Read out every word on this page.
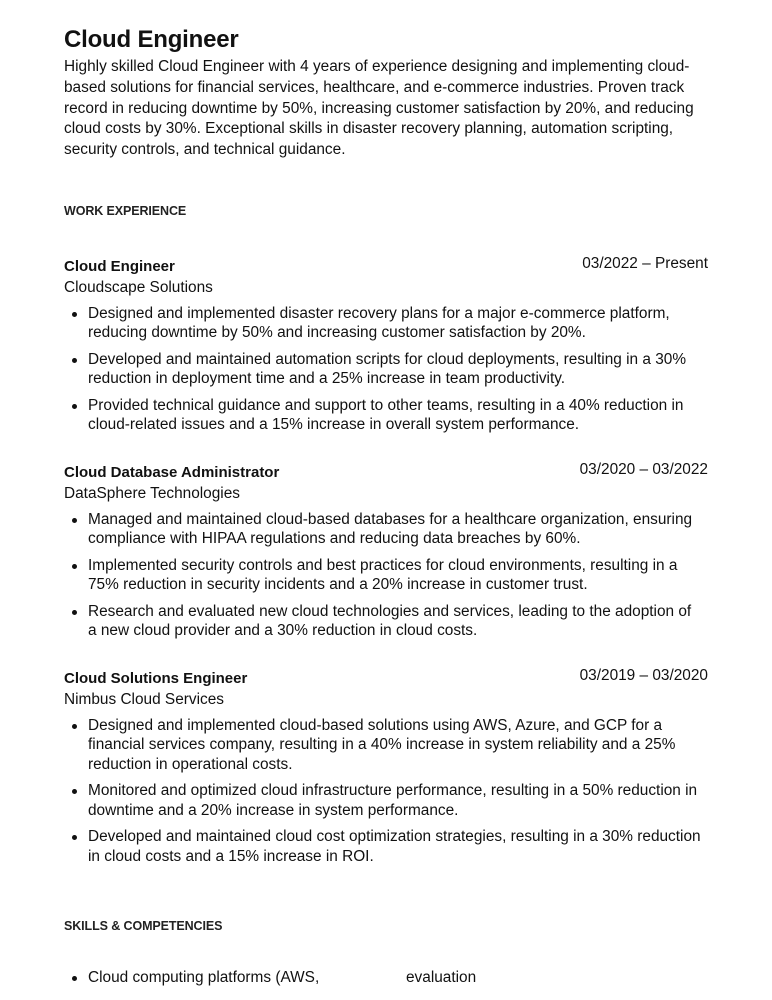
Cloud Engineer

Highly skilled Cloud Engineer with 4 years of experience designing and implementing cloud-based solutions for financial services, healthcare, and e-commerce industries. Proven track record in reducing downtime by 50%, increasing customer satisfaction by 20%, and reducing cloud costs by 30%. Exceptional skills in disaster recovery planning, automation scripting, security controls, and technical guidance.

WORK EXPERIENCE
Cloud Engineer	03/2022 – Present
Cloudscape Solutions
Designed and implemented disaster recovery plans for a major e-commerce platform, reducing downtime by 50% and increasing customer satisfaction by 20%.
Developed and maintained automation scripts for cloud deployments, resulting in a 30% reduction in deployment time and a 25% increase in team productivity.
Provided technical guidance and support to other teams, resulting in a 40% reduction in cloud-related issues and a 15% increase in overall system performance.
Cloud Database Administrator	03/2020 – 03/2022
DataSphere Technologies
Managed and maintained cloud-based databases for a healthcare organization, ensuring compliance with HIPAA regulations and reducing data breaches by 60%.
Implemented security controls and best practices for cloud environments, resulting in a 75% reduction in security incidents and a 20% increase in customer trust.
Research and evaluated new cloud technologies and services, leading to the adoption of a new cloud provider and a 30% reduction in cloud costs.
Cloud Solutions Engineer	03/2019 – 03/2020
Nimbus Cloud Services
Designed and implemented cloud-based solutions using AWS, Azure, and GCP for a financial services company, resulting in a 40% increase in system reliability and a 25% reduction in operational costs.
Monitored and optimized cloud infrastructure performance, resulting in a 50% reduction in downtime and a 20% increase in system performance.
Developed and maintained cloud cost optimization strategies, resulting in a 30% reduction in cloud costs and a 15% increase in ROI.
SKILLS & COMPETENCIES
Cloud computing platforms (AWS,	evaluation
